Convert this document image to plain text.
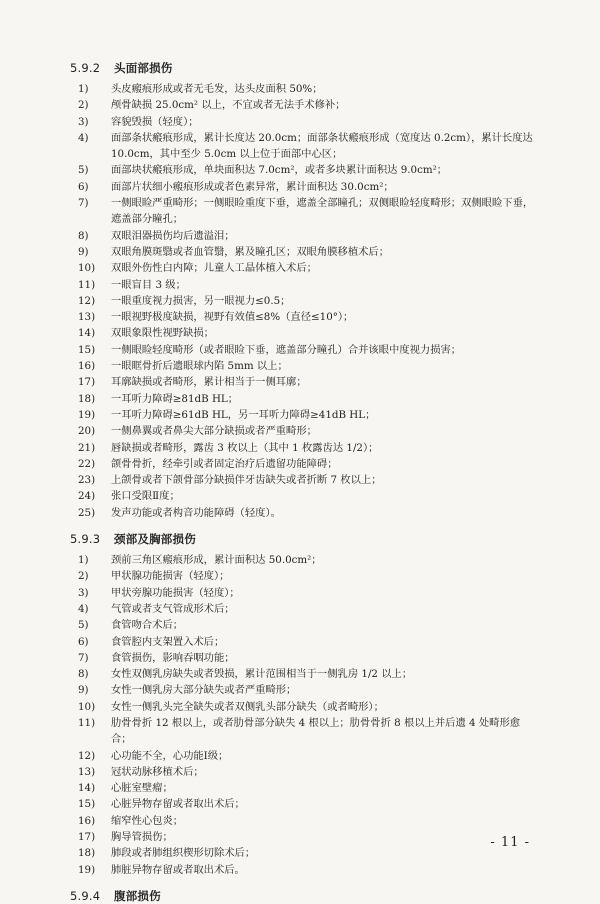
5.9.2 头面部损伤
1)	头皮瘢痕形成或者无毛发，达头皮面积 50%；
2)	颅骨缺损 25.0cm² 以上，不宜或者无法手术修补；
3)	容貌毁损（轻度）；
4)	面部条状瘢痕形成，累计长度达 20.0cm；面部条状瘢痕形成（宽度达 0.2cm），累计长度达 10.0cm，其中至少 5.0cm 以上位于面部中心区；
5)	面部块状瘢痕形成，单块面积达 7.0cm²，或者多块累计面积达 9.0cm²；
6)	面部片状细小瘢痕形成或者色素异常，累计面积达 30.0cm²；
7)	一侧眼睑严重畸形；一侧眼睑重度下垂，遮盖全部瞳孔；双侧眼睑轻度畸形；双侧眼睑下垂，遮盖部分瞳孔；
8)	双眼泪器损伤均后遗溢泪；
9)	双眼角膜斑翳或者血管翳，累及瞳孔区；双眼角膜移植术后；
10)	双眼外伤性白内障；儿童人工晶体植入术后；
11)	一眼盲目 3 级；
12)	一眼重度视力损害，另一眼视力≤0.5；
13)	一眼视野极度缺损，视野有效值≤8%（直径≤10°）；
14)	双眼象限性视野缺损；
15)	一侧眼睑轻度畸形（或者眼睑下垂，遮盖部分瞳孔）合并该眼中度视力损害；
16)	一眼眶骨折后遗眼球内陷 5mm 以上；
17)	耳廓缺损或者畸形，累计相当于一侧耳廓；
18)	一耳听力障碍≥81dB HL；
19)	一耳听力障碍≥61dB HL，另一耳听力障碍≥41dB HL；
20)	一侧鼻翼或者鼻尖大部分缺损或者严重畸形；
21)	唇缺损或者畸形，露齿 3 枚以上（其中 1 枚露齿达 1/2）；
22)	颌骨骨折，经牵引或者固定治疗后遗留功能障碍；
23)	上颌骨或者下颌骨部分缺损伴牙齿缺失或者折断 7 枚以上；
24)	张口受限Ⅱ度；
25)	发声功能或者构音功能障碍（轻度）。
5.9.3 颈部及胸部损伤
1)	颈前三角区瘢痕形成，累计面积达 50.0cm²；
2)	甲状腺功能损害（轻度）；
3)	甲状旁腺功能损害（轻度）；
4)	气管或者支气管成形术后；
5)	食管吻合术后；
6)	食管腔内支架置入术后；
7)	食管损伤，影响吞咽功能；
8)	女性双侧乳房缺失或者毁损，累计范围相当于一侧乳房 1/2 以上；
9)	女性一侧乳房大部分缺失或者严重畸形；
10)	女性一侧乳头完全缺失或者双侧乳头部分缺失（或者畸形）；
11)	肋骨骨折 12 根以上，或者肋骨部分缺失 4 根以上；肋骨骨折 8 根以上并后遗 4 处畸形愈合；
12)	心功能不全，心功能Ⅰ级；
13)	冠状动脉移植术后；
14)	心脏室壁瘤；
15)	心脏异物存留或者取出术后；
16)	缩窄性心包炎；
17)	胸导管损伤；
18)	肺段或者肺组织楔形切除术后；
19)	肺脏异物存留或者取出术后。
5.9.4 腹部损伤
- 11 -
